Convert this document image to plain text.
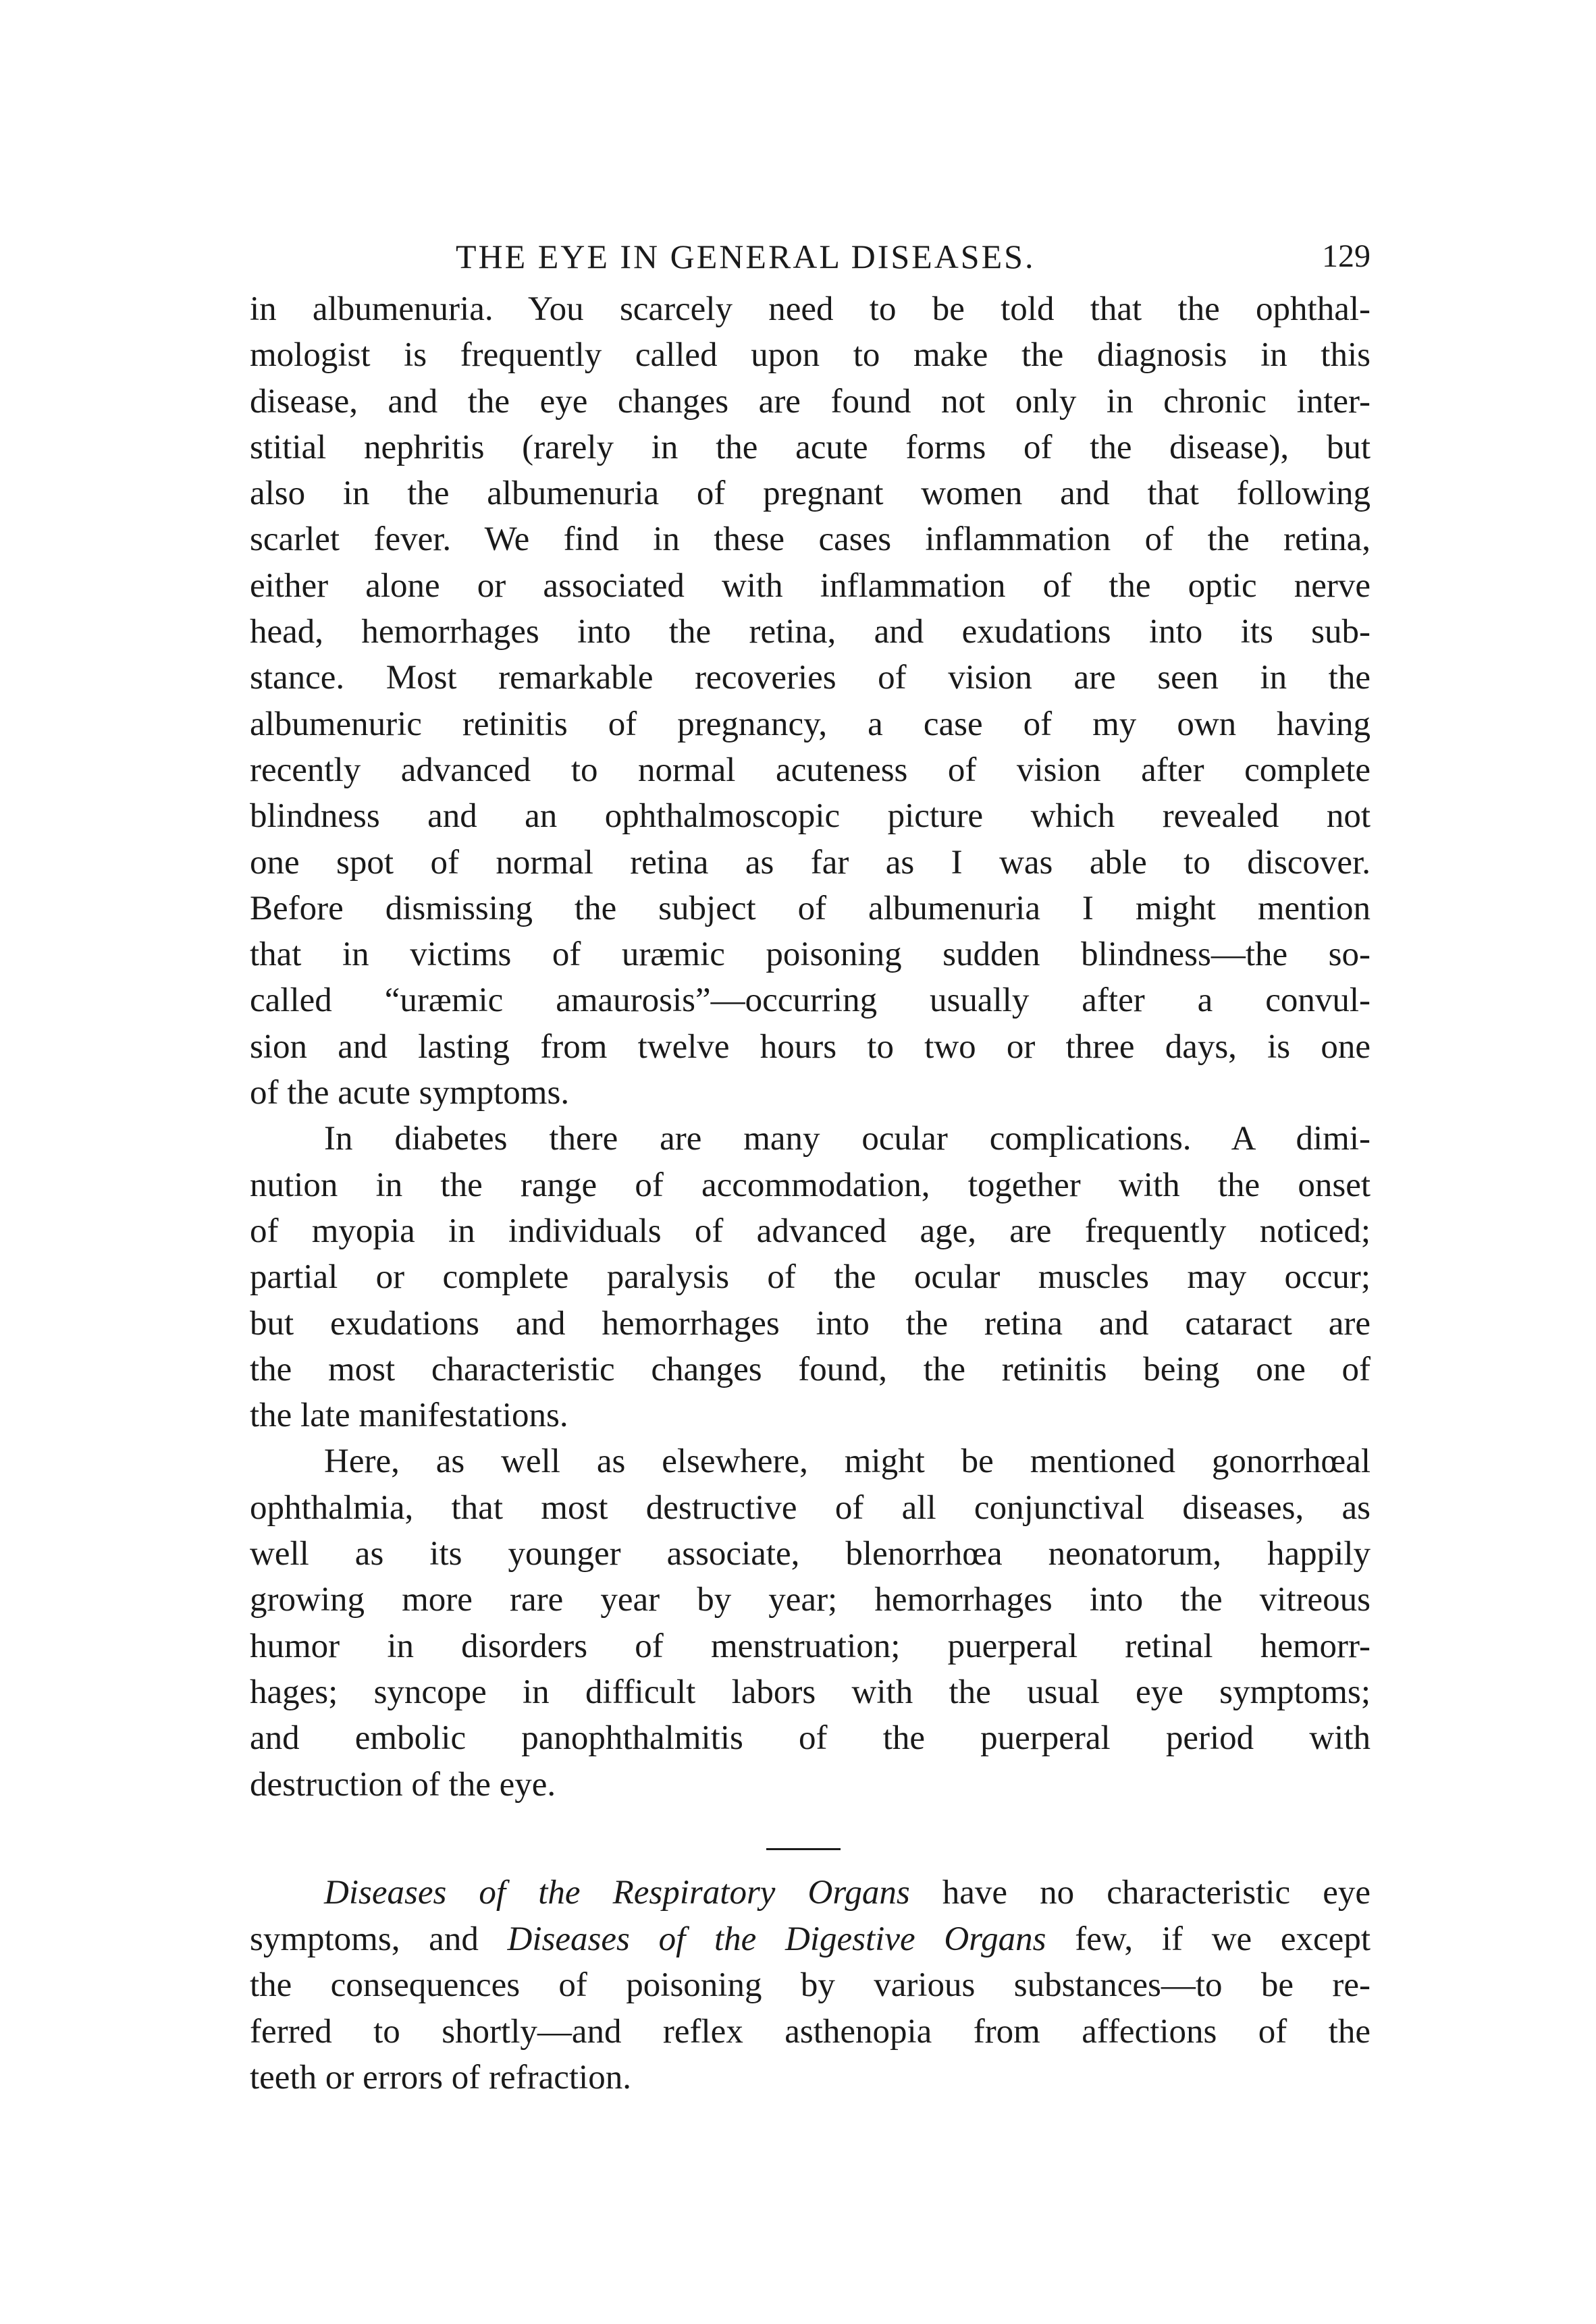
THE EYE IN GENERAL DISEASES.	129
in albumenuria. You scarcely need to be told that the ophthal-
mologist is frequently called upon to make the diagnosis in this
disease, and the eye changes are found not only in chronic inter-
stitial nephritis (rarely in the acute forms of the disease), but
also in the albumenuria of pregnant women and that following
scarlet fever. We find in these cases inflammation of the retina,
either alone or associated with inflammation of the optic nerve
head, hemorrhages into the retina, and exudations into its sub-
stance. Most remarkable recoveries of vision are seen in the
albumenuric retinitis of pregnancy, a case of my own having
recently advanced to normal acuteness of vision after complete
blindness and an ophthalmoscopic picture which revealed not
one spot of normal retina as far as I was able to discover.
Before dismissing the subject of albumenuria I might mention
that in victims of uræmic poisoning sudden blindness—the so-
called “uræmic amaurosis”—occurring usually after a convul-
sion and lasting from twelve hours to two or three days, is one
of the acute symptoms.
In diabetes there are many ocular complications. A dimi-
nution in the range of accommodation, together with the onset
of myopia in individuals of advanced age, are frequently noticed;
partial or complete paralysis of the ocular muscles may occur;
but exudations and hemorrhages into the retina and cataract are
the most characteristic changes found, the retinitis being one of
the late manifestations.
Here, as well as elsewhere, might be mentioned gonorrhœal
ophthalmia, that most destructive of all conjunctival diseases, as
well as its younger associate, blenorrhœa neonatorum, happily
growing more rare year by year; hemorrhages into the vitreous
humor in disorders of menstruation; puerperal retinal hemorr-
hages; syncope in difficult labors with the usual eye symptoms;
and embolic panophthalmitis of the puerperal period with
destruction of the eye.
Diseases of the Respiratory Organs have no characteristic eye
symptoms, and Diseases of the Digestive Organs few, if we except
the consequences of poisoning by various substances—to be re-
ferred to shortly—and reflex asthenopia from affections of the
teeth or errors of refraction.
